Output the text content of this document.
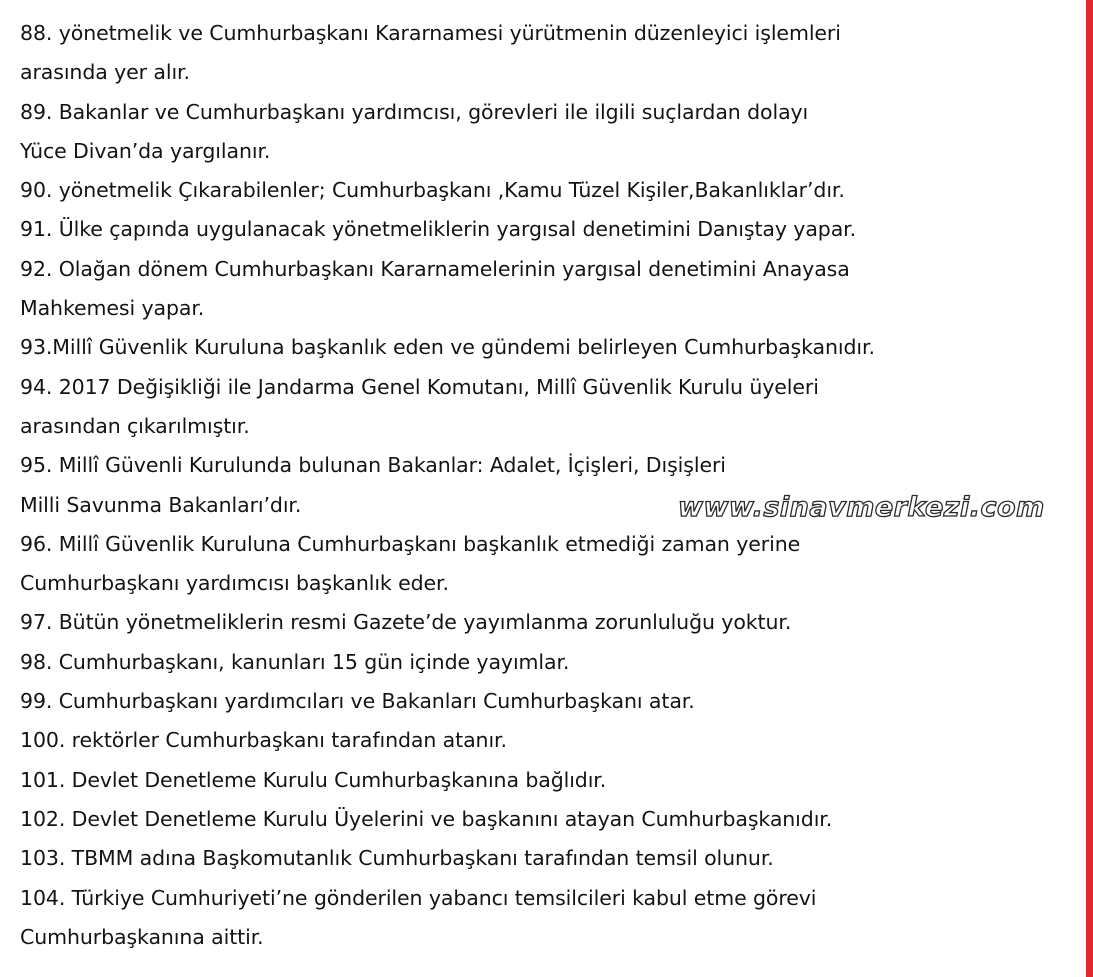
88. yönetmelik ve Cumhurbaşkanı Kararnamesi yürütmenin düzenleyici işlemleri
arasında yer alır.
89. Bakanlar ve Cumhurbaşkanı yardımcısı, görevleri ile ilgili suçlardan dolayı
Yüce Divan’da yargılanır.
90. yönetmelik Çıkarabilenler; Cumhurbaşkanı ,Kamu Tüzel Kişiler,Bakanlıklar’dır.
91. Ülke çapında uygulanacak yönetmeliklerin yargısal denetimini Danıştay yapar.
92. Olağan dönem Cumhurbaşkanı Kararnamelerinin yargısal denetimini Anayasa
Mahkemesi yapar.
93.Millî Güvenlik Kuruluna başkanlık eden ve gündemi belirleyen Cumhurbaşkanıdır.
94. 2017 Değişikliği ile Jandarma Genel Komutanı, Millî Güvenlik Kurulu üyeleri
arasından çıkarılmıştır.
95. Millî Güvenli Kurulunda bulunan Bakanlar: Adalet, İçişleri, Dışişleri
Milli Savunma Bakanları’dır.
96. Millî Güvenlik Kuruluna Cumhurbaşkanı başkanlık etmediği zaman yerine
Cumhurbaşkanı yardımcısı başkanlık eder.
97. Bütün yönetmeliklerin resmi Gazete’de yayımlanma zorunluluğu yoktur.
98. Cumhurbaşkanı, kanunları 15 gün içinde yayımlar.
99. Cumhurbaşkanı yardımcıları ve Bakanları Cumhurbaşkanı atar.
100. rektörler Cumhurbaşkanı tarafından atanır.
101. Devlet Denetleme Kurulu Cumhurbaşkanına bağlıdır.
102. Devlet Denetleme Kurulu Üyelerini ve başkanını atayan Cumhurbaşkanıdır.
103. TBMM adına Başkomutanlık Cumhurbaşkanı tarafından temsil olunur.
104. Türkiye Cumhuriyeti’ne gönderilen yabancı temsilcileri kabul etme görevi
Cumhurbaşkanına aittir.
www.sinavmerkezi.com
